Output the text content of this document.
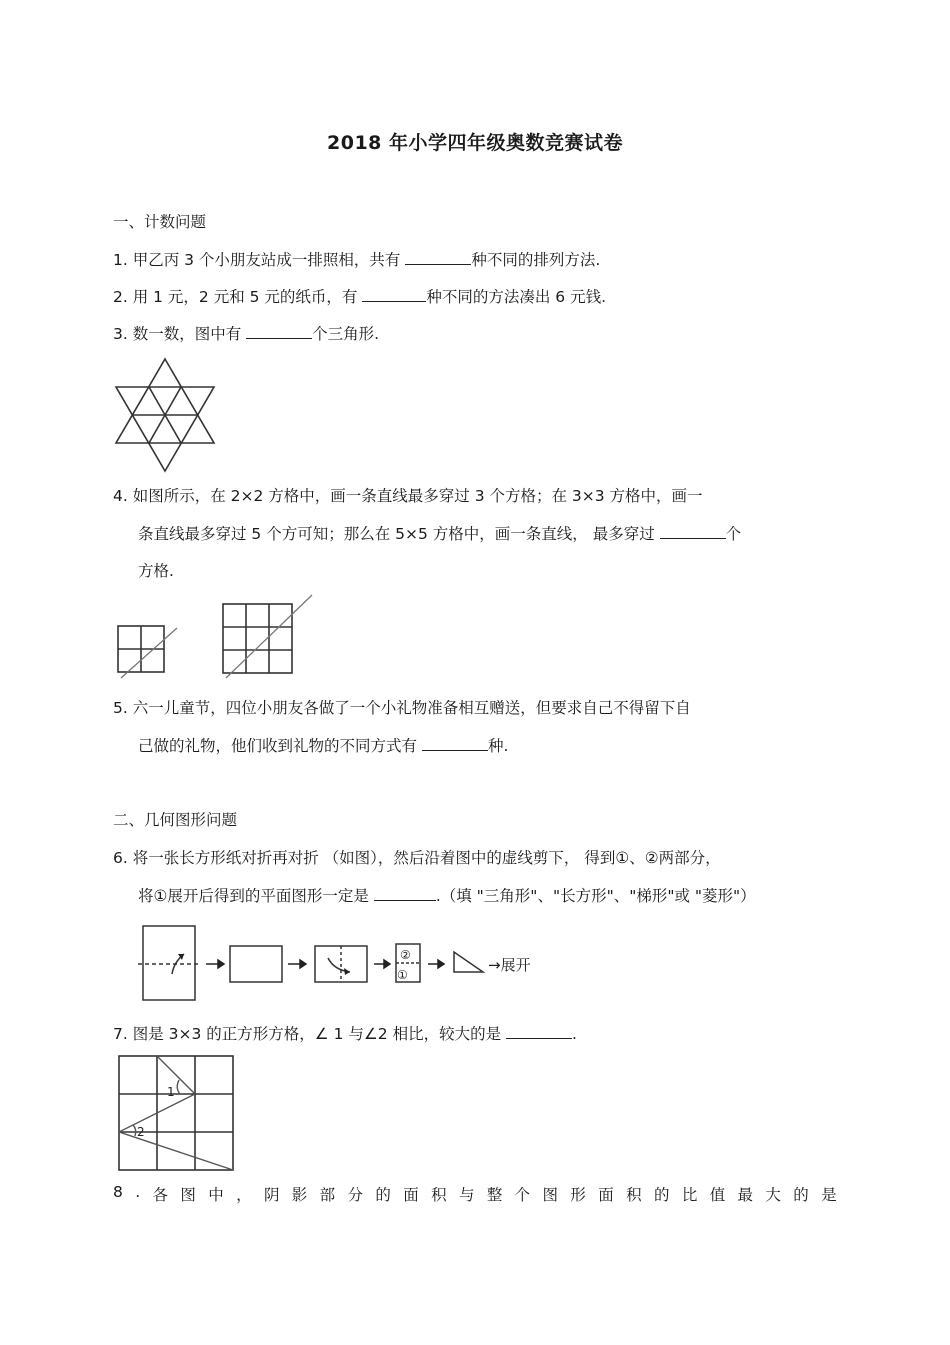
2018 年小学四年级奥数竞赛试卷
一、计数问题
1. 甲乙丙 3 个小朋友站成一排照相，共有	种不同的排列方法.
2. 用 1 元，2 元和 5 元的纸币，有	种不同的方法凑出 6 元钱.
3. 数一数，图中有	个三角形.
4. 如图所示，在 2×2 方格中，画一条直线最多穿过 3 个方格；在 3×3 方格中，画一
条直线最多穿过 5 个方可知；那么在 5×5 方格中，画一条直线， 最多穿过	个
方格.
5. 六一儿童节，四位小朋友各做了一个小礼物准备相互赠送，但要求自己不得留下自
己做的礼物，他们收到礼物的不同方式有	种.
二、几何图形问题
6. 将一张长方形纸对折再对折 （如图），然后沿着图中的虚线剪下， 得到①、②两部分，
将①展开后得到的平面图形一定是	.（填 "三角形"、"长方形"、"梯形"或 "菱形"）
②
①
→展开
7. 图是 3×3 的正方形方格，∠ 1 与∠2 相比，较大的是	.
1
2
8 . 各 图 中 ， 阴 影 部 分 的 面 积 与 整 个 图 形 面 积 的 比 值 最 大 的 是
